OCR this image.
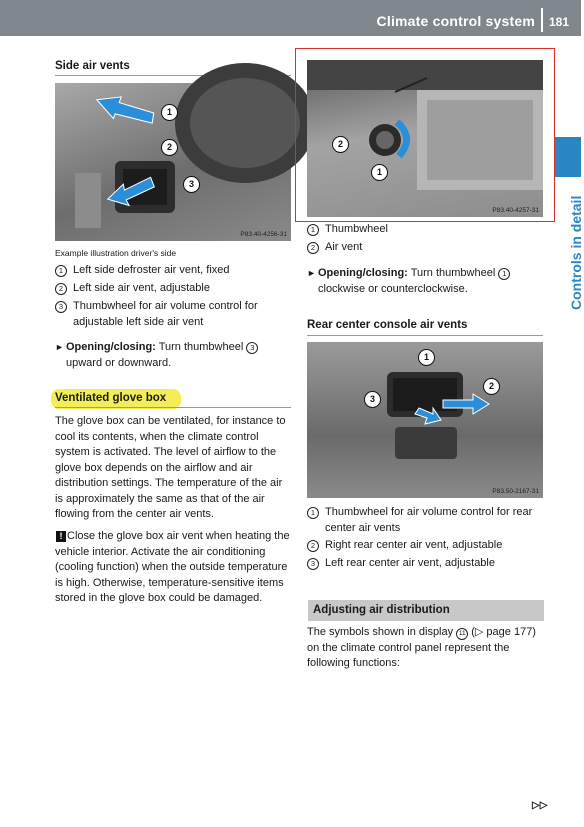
Climate control system 181
Controls in detail
Side air vents
1
2
3
P83.40-4256-31
Example illustration driver's side
1 Left side defroster air vent, fixed
2 Left side air vent, adjustable
3 Thumbwheel for air volume control for adjustable left side air vent
► Opening/closing: Turn thumbwheel 3 upward or downward.
Ventilated glove box
The glove box can be ventilated, for instance to cool its contents, when the climate control system is activated. The level of airflow to the glove box depends on the airflow and air distribution settings. The temperature of the air is approximately the same as that of the air flowing from the center air vents.
! Close the glove box air vent when heating the vehicle interior. Activate the air conditioning (cooling function) when the outside temperature is high. Otherwise, temperature-sensitive items stored in the glove box could be damaged.
2
1
P83.40-4257-31
1 Thumbwheel
2 Air vent
► Opening/closing: Turn thumbwheel 1 clockwise or counterclockwise.
Rear center console air vents
1
2
3
P83.50-2167-31
1 Thumbwheel for air volume control for rear center air vents
2 Right rear center air vent, adjustable
3 Left rear center air vent, adjustable
Adjusting air distribution
The symbols shown in display 11 (▷ page 177) on the climate control panel represent the following functions:
▷▷
